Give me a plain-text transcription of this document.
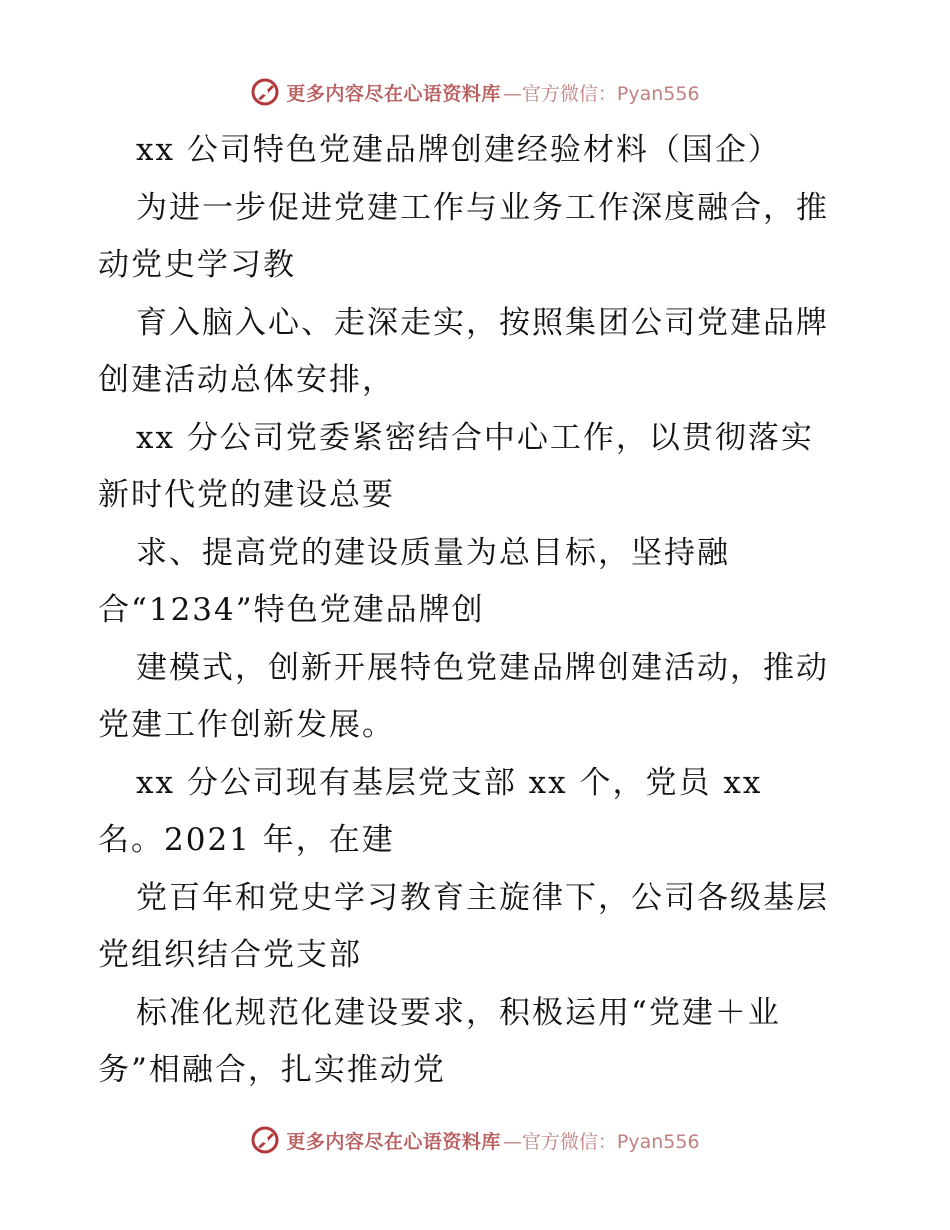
更多内容尽在心语资料库 —官方微信：Pyan556
xx 公司特色党建品牌创建经验材料（国企）
为进一步促进党建工作与业务工作深度融合，推
动党史学习教
育入脑入心、走深走实，按照集团公司党建品牌
创建活动总体安排，
xx 分公司党委紧密结合中心工作，以贯彻落实
新时代党的建设总要
求、提高党的建设质量为总目标，坚持融
合“1234”特色党建品牌创
建模式，创新开展特色党建品牌创建活动，推动
党建工作创新发展。
xx 分公司现有基层党支部 xx 个，党员 xx
名。2021 年，在建
党百年和党史学习教育主旋律下，公司各级基层
党组织结合党支部
标准化规范化建设要求，积极运用“党建＋业
务”相融合，扎实推动党
更多内容尽在心语资料库 —官方微信：Pyan556
